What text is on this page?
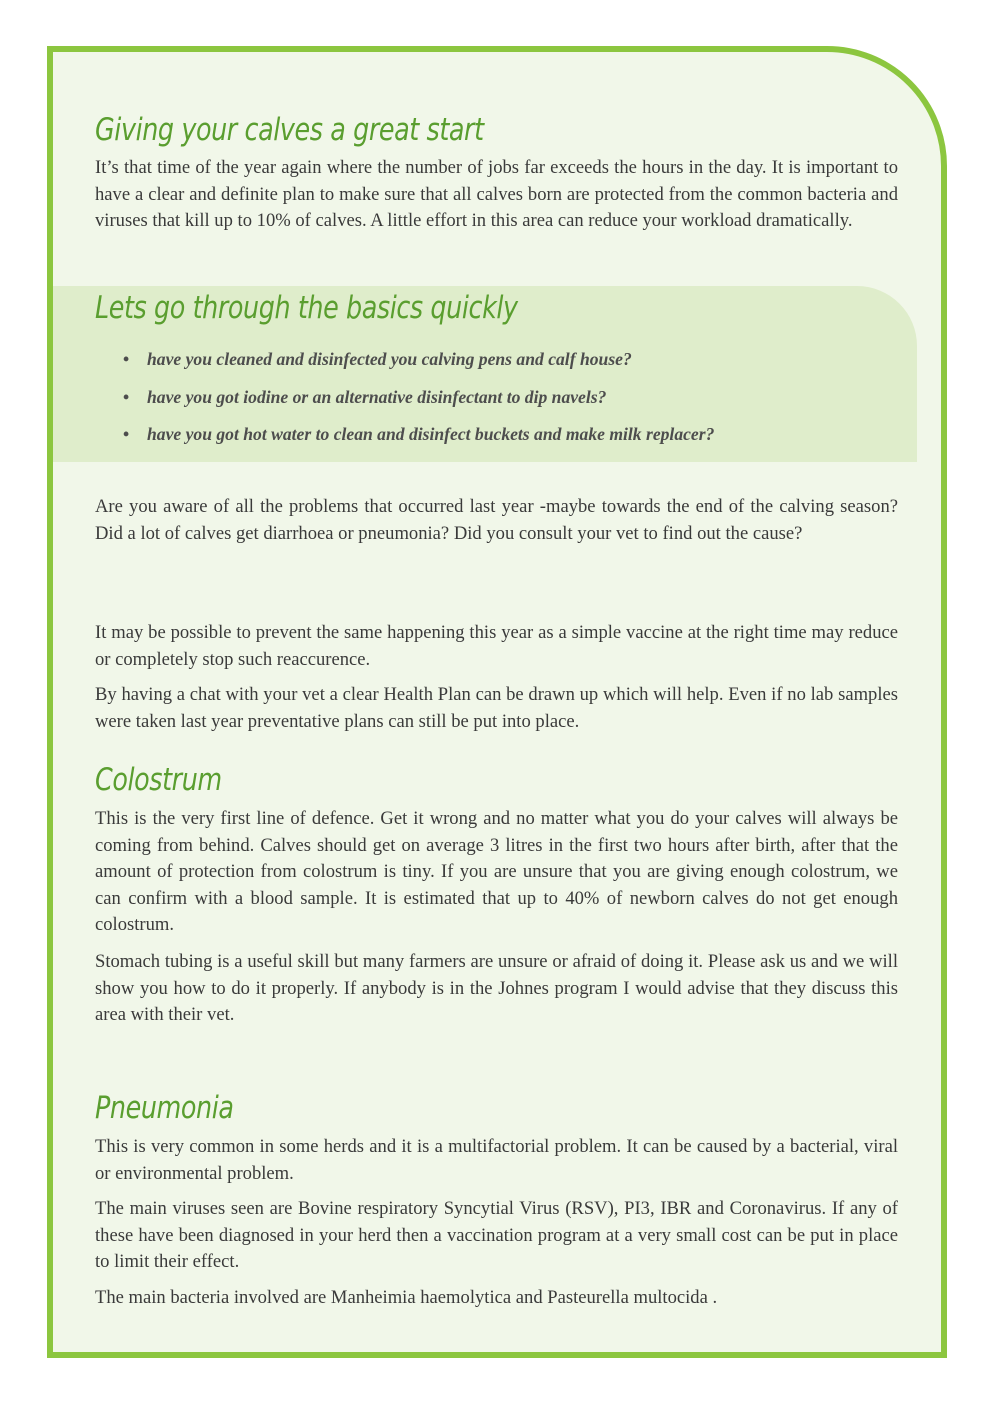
Giving your calves a great start

It’s that time of the year again where the number of jobs far exceeds the hours in the day. It is important to have a clear and definite plan to make sure that all calves born are protected from the common bacteria and viruses that kill up to 10% of calves. A little effort in this area can reduce your workload dramatically.

Lets go through the basics quickly
• have you cleaned and disinfected you calving pens and calf house?
• have you got iodine or an alternative disinfectant to dip navels?
• have you got hot water to clean and disinfect buckets and make milk replacer?

Are you aware of all the problems that occurred last year -maybe towards the end of the calving season? Did a lot of calves get diarrhoea or pneumonia? Did you consult your vet to find out the cause?

It may be possible to prevent the same happening this year as a simple vaccine at the right time may reduce or completely stop such reaccurence.

By having a chat with your vet a clear Health Plan can be drawn up which will help. Even if no lab samples were taken last year preventative plans can still be put into place.

Colostrum

This is the very first line of defence. Get it wrong and no matter what you do your calves will always be coming from behind. Calves should get on average 3 litres in the first two hours after birth, after that the amount of protection from colostrum is tiny. If you are unsure that you are giving enough colostrum, we can confirm with a blood sample. It is estimated that up to 40% of newborn calves do not get enough colostrum.

Stomach tubing is a useful skill but many farmers are unsure or afraid of doing it. Please ask us and we will show you how to do it properly. If anybody is in the Johnes program I would advise that they discuss this area with their vet.

Pneumonia

This is very common in some herds and it is a multifactorial problem. It can be caused by a bacterial, viral or environmental problem.

The main viruses seen are Bovine respiratory Syncytial Virus (RSV), PI3, IBR and Coronavirus. If any of these have been diagnosed in your herd then a vaccination program at a very small cost can be put in place to limit their effect.

The main bacteria involved are Manheimia haemolytica and Pasteurella multocida .
